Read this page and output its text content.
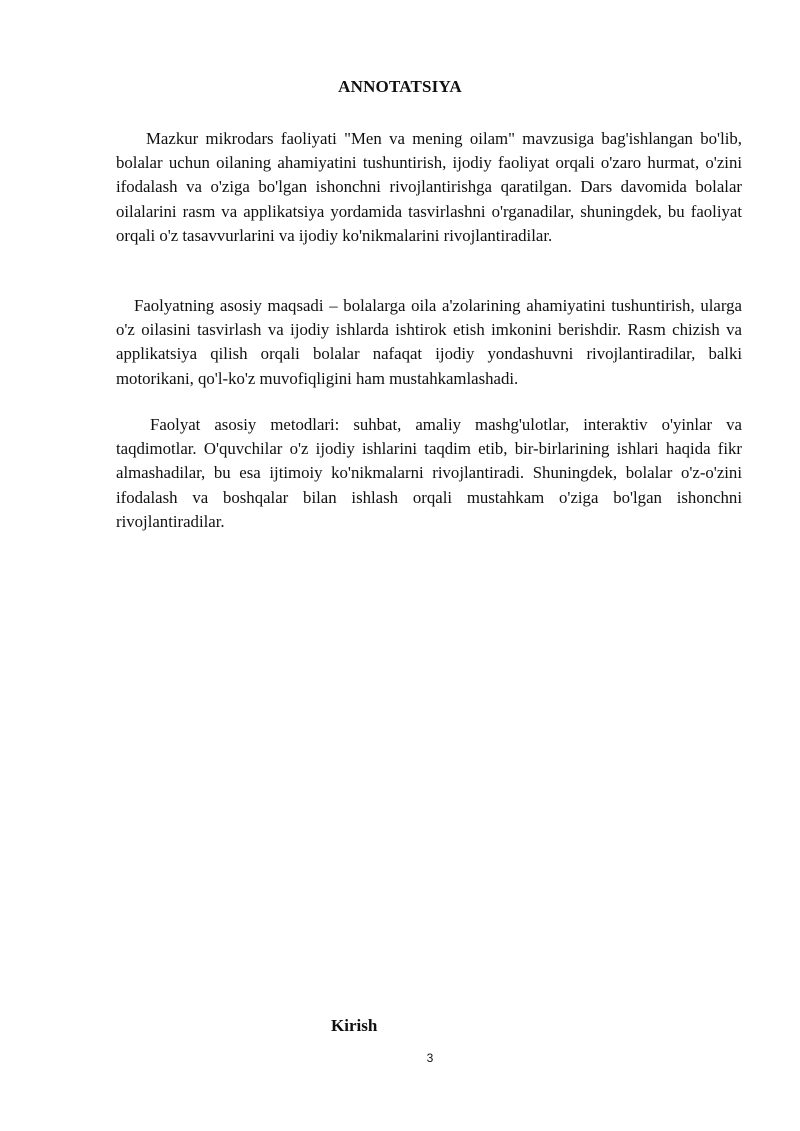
ANNOTATSIYA

Mazkur mikrodars faoliyati "Men va mening oilam" mavzusiga bag'ishlangan bo'lib, bolalar uchun oilaning ahamiyatini tushuntirish, ijodiy faoliyat orqali o'zaro hurmat, o'zini ifodalash va o'ziga bo'lgan ishonchni rivojlantirishga qaratilgan. Dars davomida bolalar oilalarini rasm va applikatsiya yordamida tasvirlashni o'rganadilar, shuningdek, bu faoliyat orqali o'z tasavvurlarini va ijodiy ko'nikmalarini rivojlantiradilar.

Faolyatning asosiy maqsadi – bolalarga oila a'zolarining ahamiyatini tushuntirish, ularga o'z oilasini tasvirlash va ijodiy ishlarda ishtirok etish imkonini berishdir. Rasm chizish va applikatsiya qilish orqali bolalar nafaqat ijodiy yondashuvni rivojlantiradilar, balki motorikani, qo'l-ko'z muvofiqligini ham mustahkamlashadi.

Faolyat asosiy metodlari: suhbat, amaliy mashg'ulotlar, interaktiv o'yinlar va taqdimotlar. O'quvchilar o'z ijodiy ishlarini taqdim etib, bir-birlarining ishlari haqida fikr almashadilar, bu esa ijtimoiy ko'nikmalarni rivojlantiradi. Shuningdek, bolalar o'z-o'zini ifodalash va boshqalar bilan ishlash orqali mustahkam o'ziga bo'lgan ishonchni rivojlantiradilar.

Kirish
3
